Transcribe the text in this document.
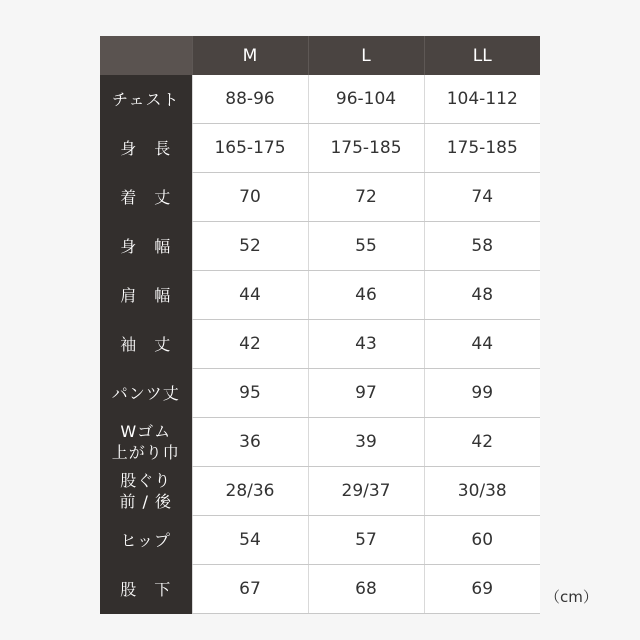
	M	L	LL
チェスト	88-96	96-104	104-112
身　長	165-175	175-185	175-185
着　丈	70	72	74
身　幅	52	55	58
肩　幅	44	46	48
袖　丈	42	43	44
パンツ丈	95	97	99
Wゴム
上がり巾	36	39	42
股ぐり
前 / 後	28/36	29/37	30/38
ヒップ	54	57	60
股　下	67	68	69	（cm）
